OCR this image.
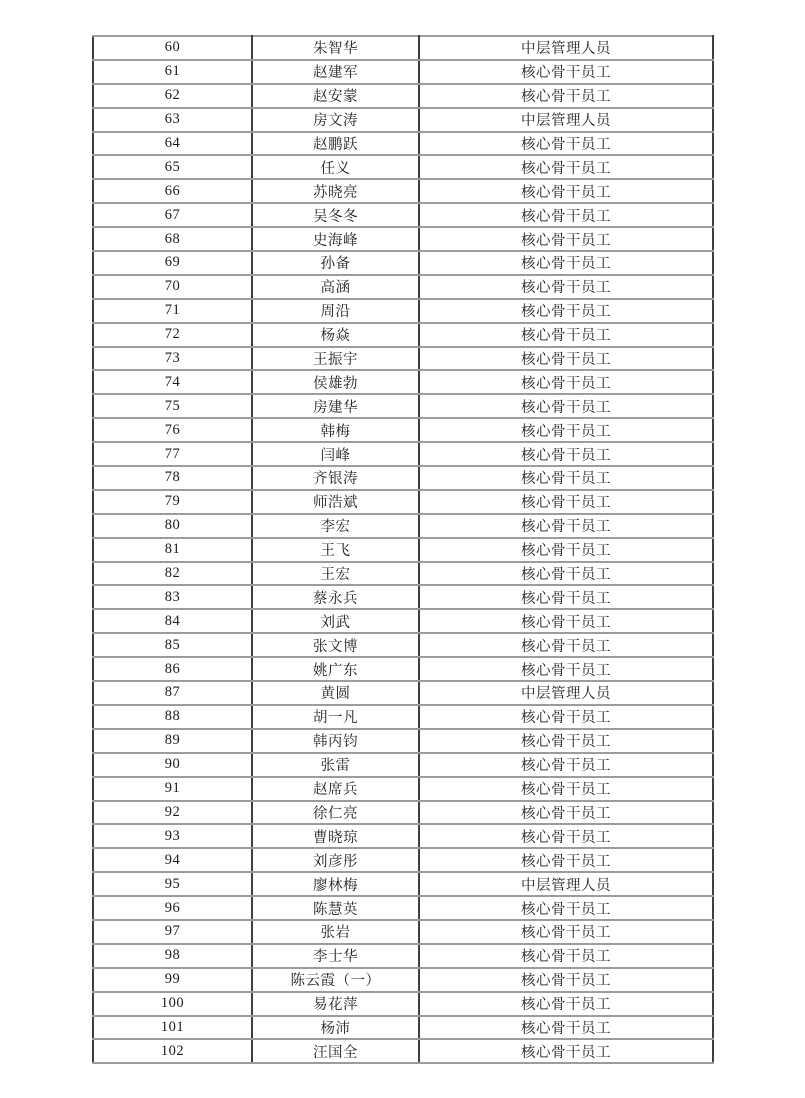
60	朱智华	中层管理人员
61	赵建军	核心骨干员工
62	赵安蒙	核心骨干员工
63	房文涛	中层管理人员
64	赵鹏跃	核心骨干员工
65	任义	核心骨干员工
66	苏晓亮	核心骨干员工
67	吴冬冬	核心骨干员工
68	史海峰	核心骨干员工
69	孙备	核心骨干员工
70	高涵	核心骨干员工
71	周沿	核心骨干员工
72	杨焱	核心骨干员工
73	王振宇	核心骨干员工
74	侯雄勃	核心骨干员工
75	房建华	核心骨干员工
76	韩梅	核心骨干员工
77	闫峰	核心骨干员工
78	齐银涛	核心骨干员工
79	师浩斌	核心骨干员工
80	李宏	核心骨干员工
81	王飞	核心骨干员工
82	王宏	核心骨干员工
83	蔡永兵	核心骨干员工
84	刘武	核心骨干员工
85	张文博	核心骨干员工
86	姚广东	核心骨干员工
87	黄圆	中层管理人员
88	胡一凡	核心骨干员工
89	韩丙钧	核心骨干员工
90	张雷	核心骨干员工
91	赵席兵	核心骨干员工
92	徐仁亮	核心骨干员工
93	曹晓琼	核心骨干员工
94	刘彦彤	核心骨干员工
95	廖林梅	中层管理人员
96	陈慧英	核心骨干员工
97	张岩	核心骨干员工
98	李士华	核心骨干员工
99	陈云霞（一）	核心骨干员工
100	易花萍	核心骨干员工
101	杨沛	核心骨干员工
102	汪国全	核心骨干员工
